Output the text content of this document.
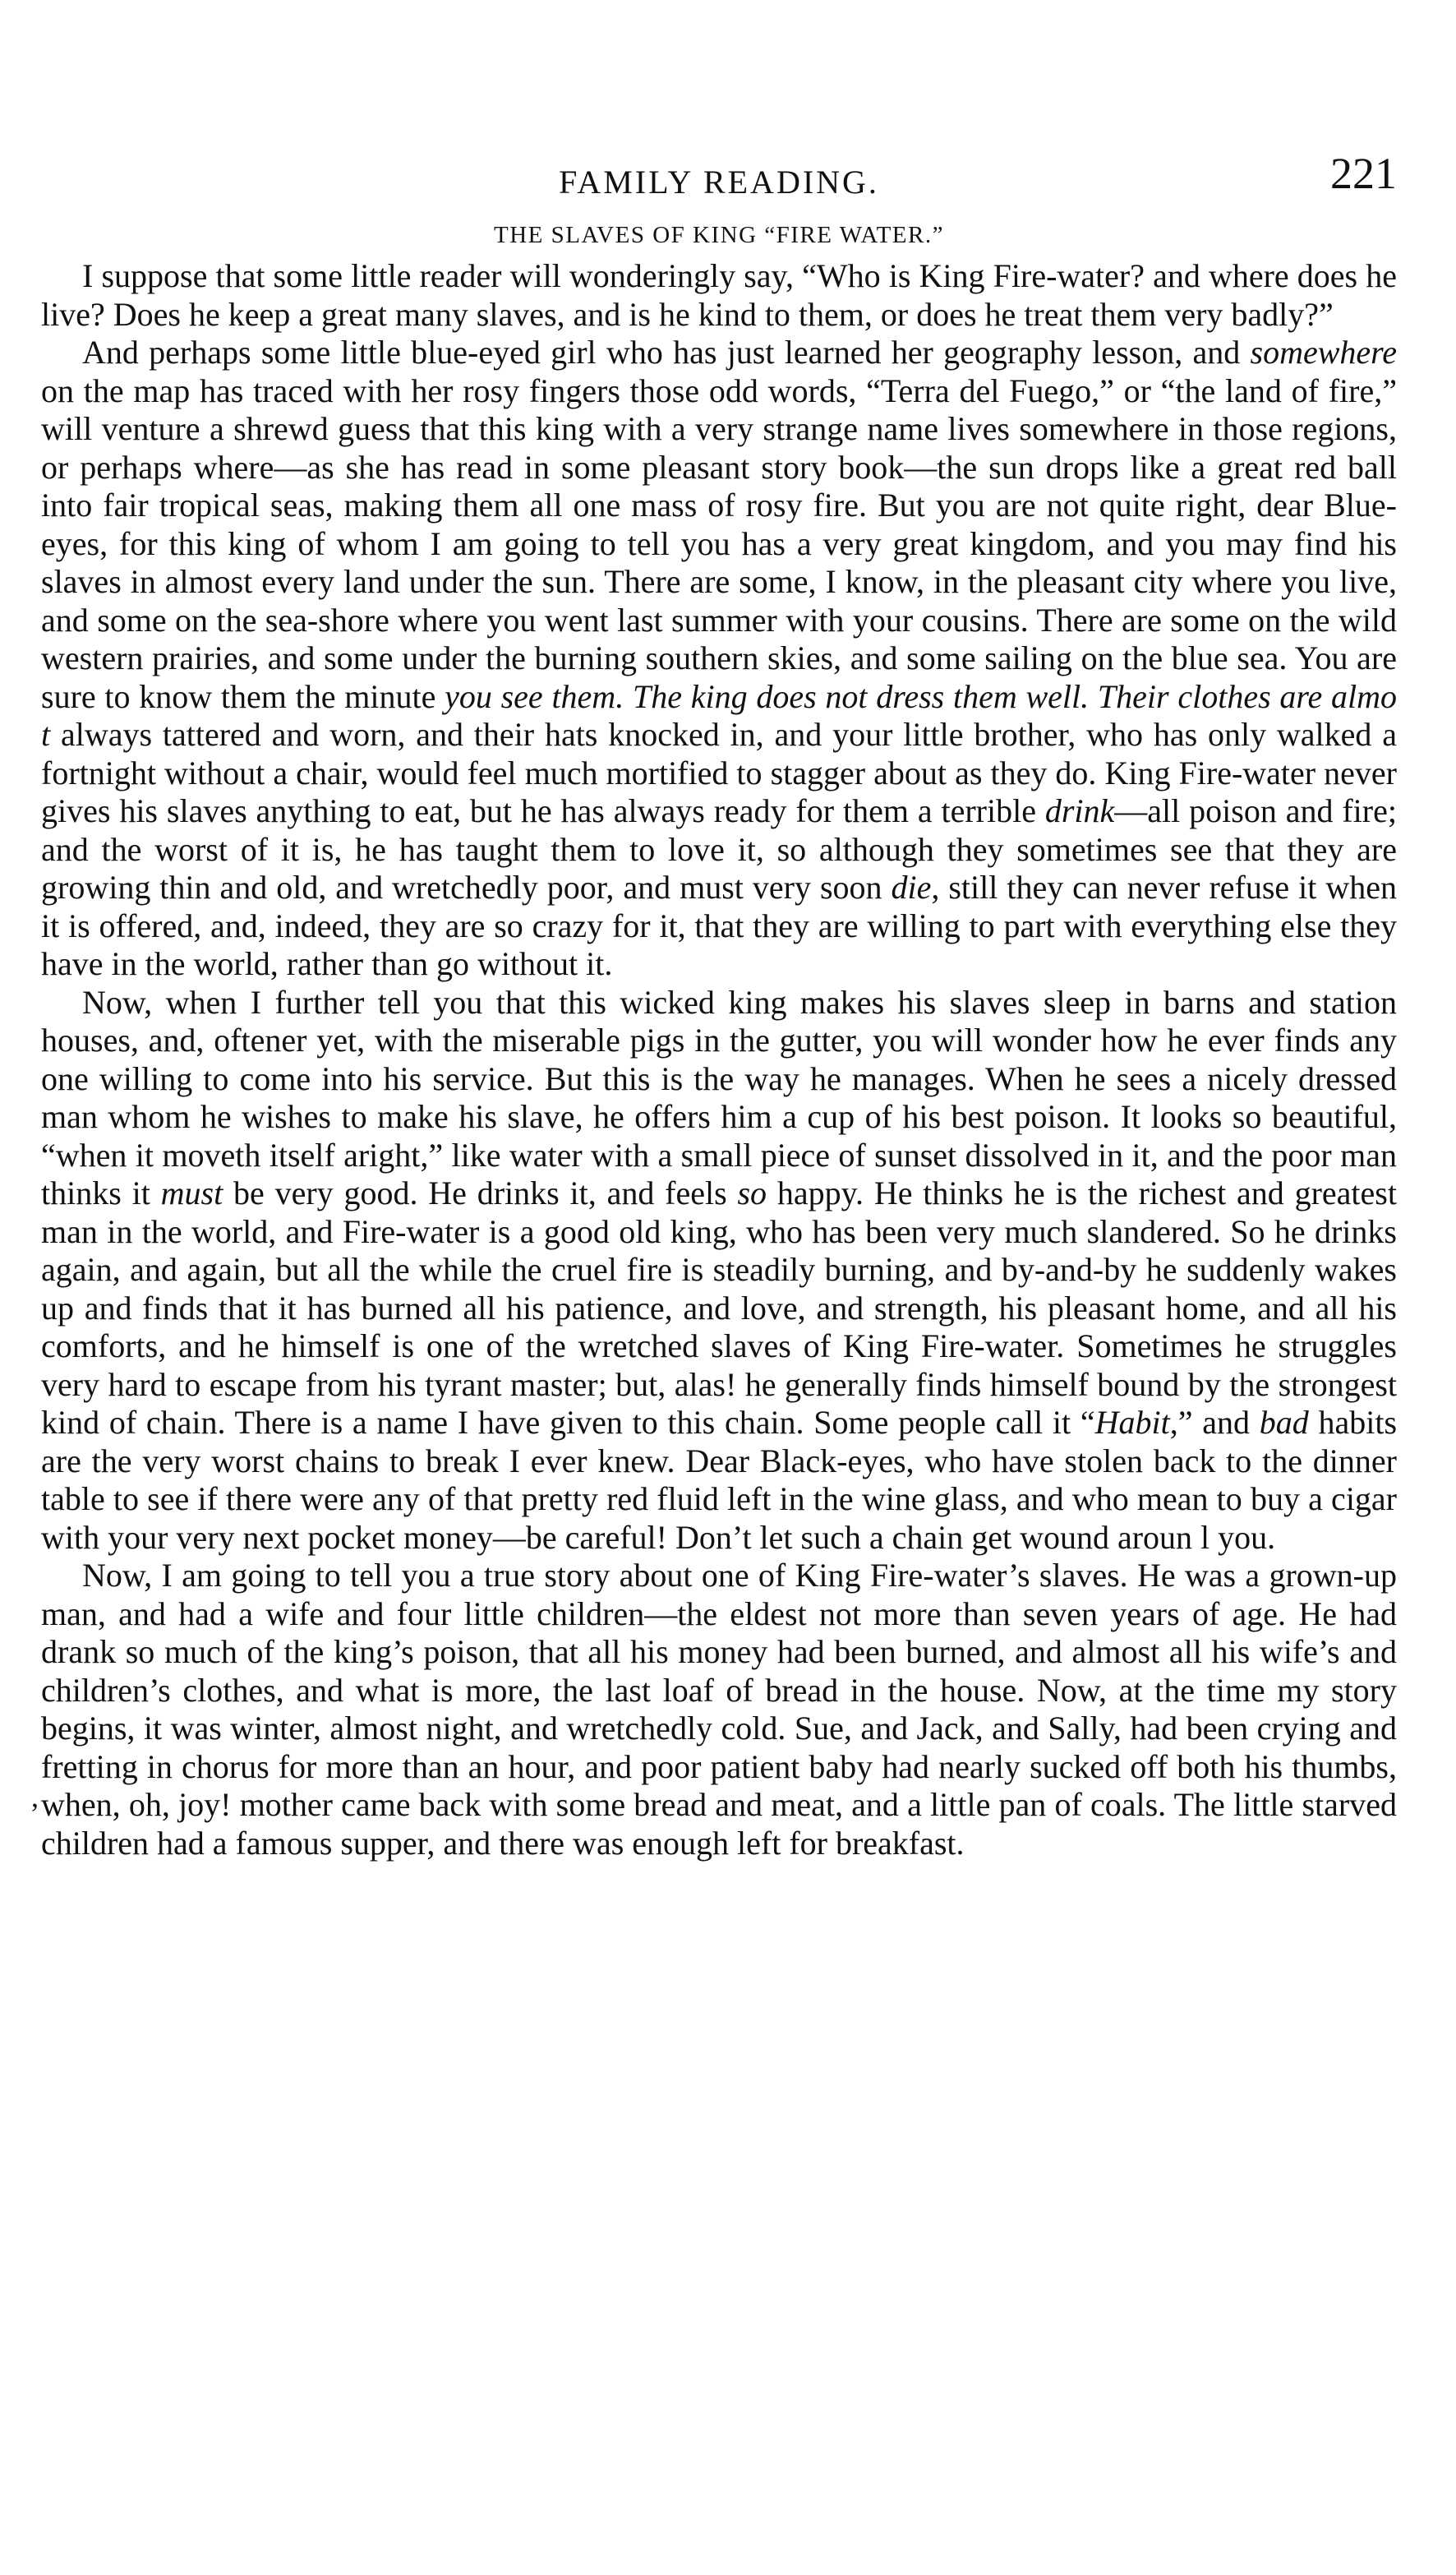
FAMILY READING.	221
THE SLAVES OF KING “FIRE WATER.”

I suppose that some little reader will wonderingly say, “Who is King Fire-water? and where does he live? Does he keep a great many slaves, and is he kind to them, or does he treat them very badly?”

And perhaps some little blue-eyed girl who has just learned her geography lesson, and somewhere on the map has traced with her rosy fingers those odd words, “Terra del Fuego,” or “the land of fire,” will venture a shrewd guess that this king with a very strange name lives somewhere in those regions, or perhaps where—as she has read in some pleasant story book—the sun drops like a great red ball into fair tropical seas, making them all one mass of rosy fire. But you are not quite right, dear Blue-eyes, for this king of whom I am going to tell you has a very great kingdom, and you may find his slaves in almost every land under the sun. There are some, I know, in the pleasant city where you live, and some on the sea-shore where you went last summer with your cousins. There are some on the wild western prairies, and some under the burning southern skies, and some sailing on the blue sea. You are sure to know them the minute you see them. The king does not dress them well. Their clothes are almo t always tattered and worn, and their hats knocked in, and your little brother, who has only walked a fortnight without a chair, would feel much mortified to stagger about as they do. King Fire-water never gives his slaves anything to eat, but he has always ready for them a terrible drink—all poison and fire; and the worst of it is, he has taught them to love it, so although they sometimes see that they are growing thin and old, and wretchedly poor, and must very soon die, still they can never refuse it when it is offered, and, indeed, they are so crazy for it, that they are willing to part with everything else they have in the world, rather than go without it.

Now, when I further tell you that this wicked king makes his slaves sleep in barns and station houses, and, oftener yet, with the miserable pigs in the gutter, you will wonder how he ever finds any one willing to come into his service. But this is the way he manages. When he sees a nicely dressed man whom he wishes to make his slave, he offers him a cup of his best poison. It looks so beautiful, “when it moveth itself aright,” like water with a small piece of sunset dissolved in it, and the poor man thinks it must be very good. He drinks it, and feels so happy. He thinks he is the richest and greatest man in the world, and Fire-water is a good old king, who has been very much slandered. So he drinks again, and again, but all the while the cruel fire is steadily burning, and by-and-by he suddenly wakes up and finds that it has burned all his patience, and love, and strength, his pleasant home, and all his comforts, and he himself is one of the wretched slaves of King Fire-water. Sometimes he struggles very hard to escape from his tyrant master; but, alas! he generally finds himself bound by the strongest kind of chain. There is a name I have given to this chain. Some people call it “Habit,” and bad habits are the very worst chains to break I ever knew. Dear Black-eyes, who have stolen back to the dinner table to see if there were any of that pretty red fluid left in the wine glass, and who mean to buy a cigar with your very next pocket money—be careful! Don’t let such a chain get wound aroun l you.

Now, I am going to tell you a true story about one of King Fire-water’s slaves. He was a grown-up man, and had a wife and four little children—the eldest not more than seven years of age. He had drank so much of the king’s poison, that all his money had been burned, and almost all his wife’s and children’s clothes, and what is more, the last loaf of bread in the house. Now, at the time my story begins, it was winter, almost night, and wretchedly cold. Sue, and Jack, and Sally, had been crying and fretting in chorus for more than an hour, and poor patient baby had nearly sucked off both his thumbs, when, oh, joy! mother came back with some bread and meat, and a little pan of coals. The little starved children had a famous supper, and there was enough left for breakfast.

,
